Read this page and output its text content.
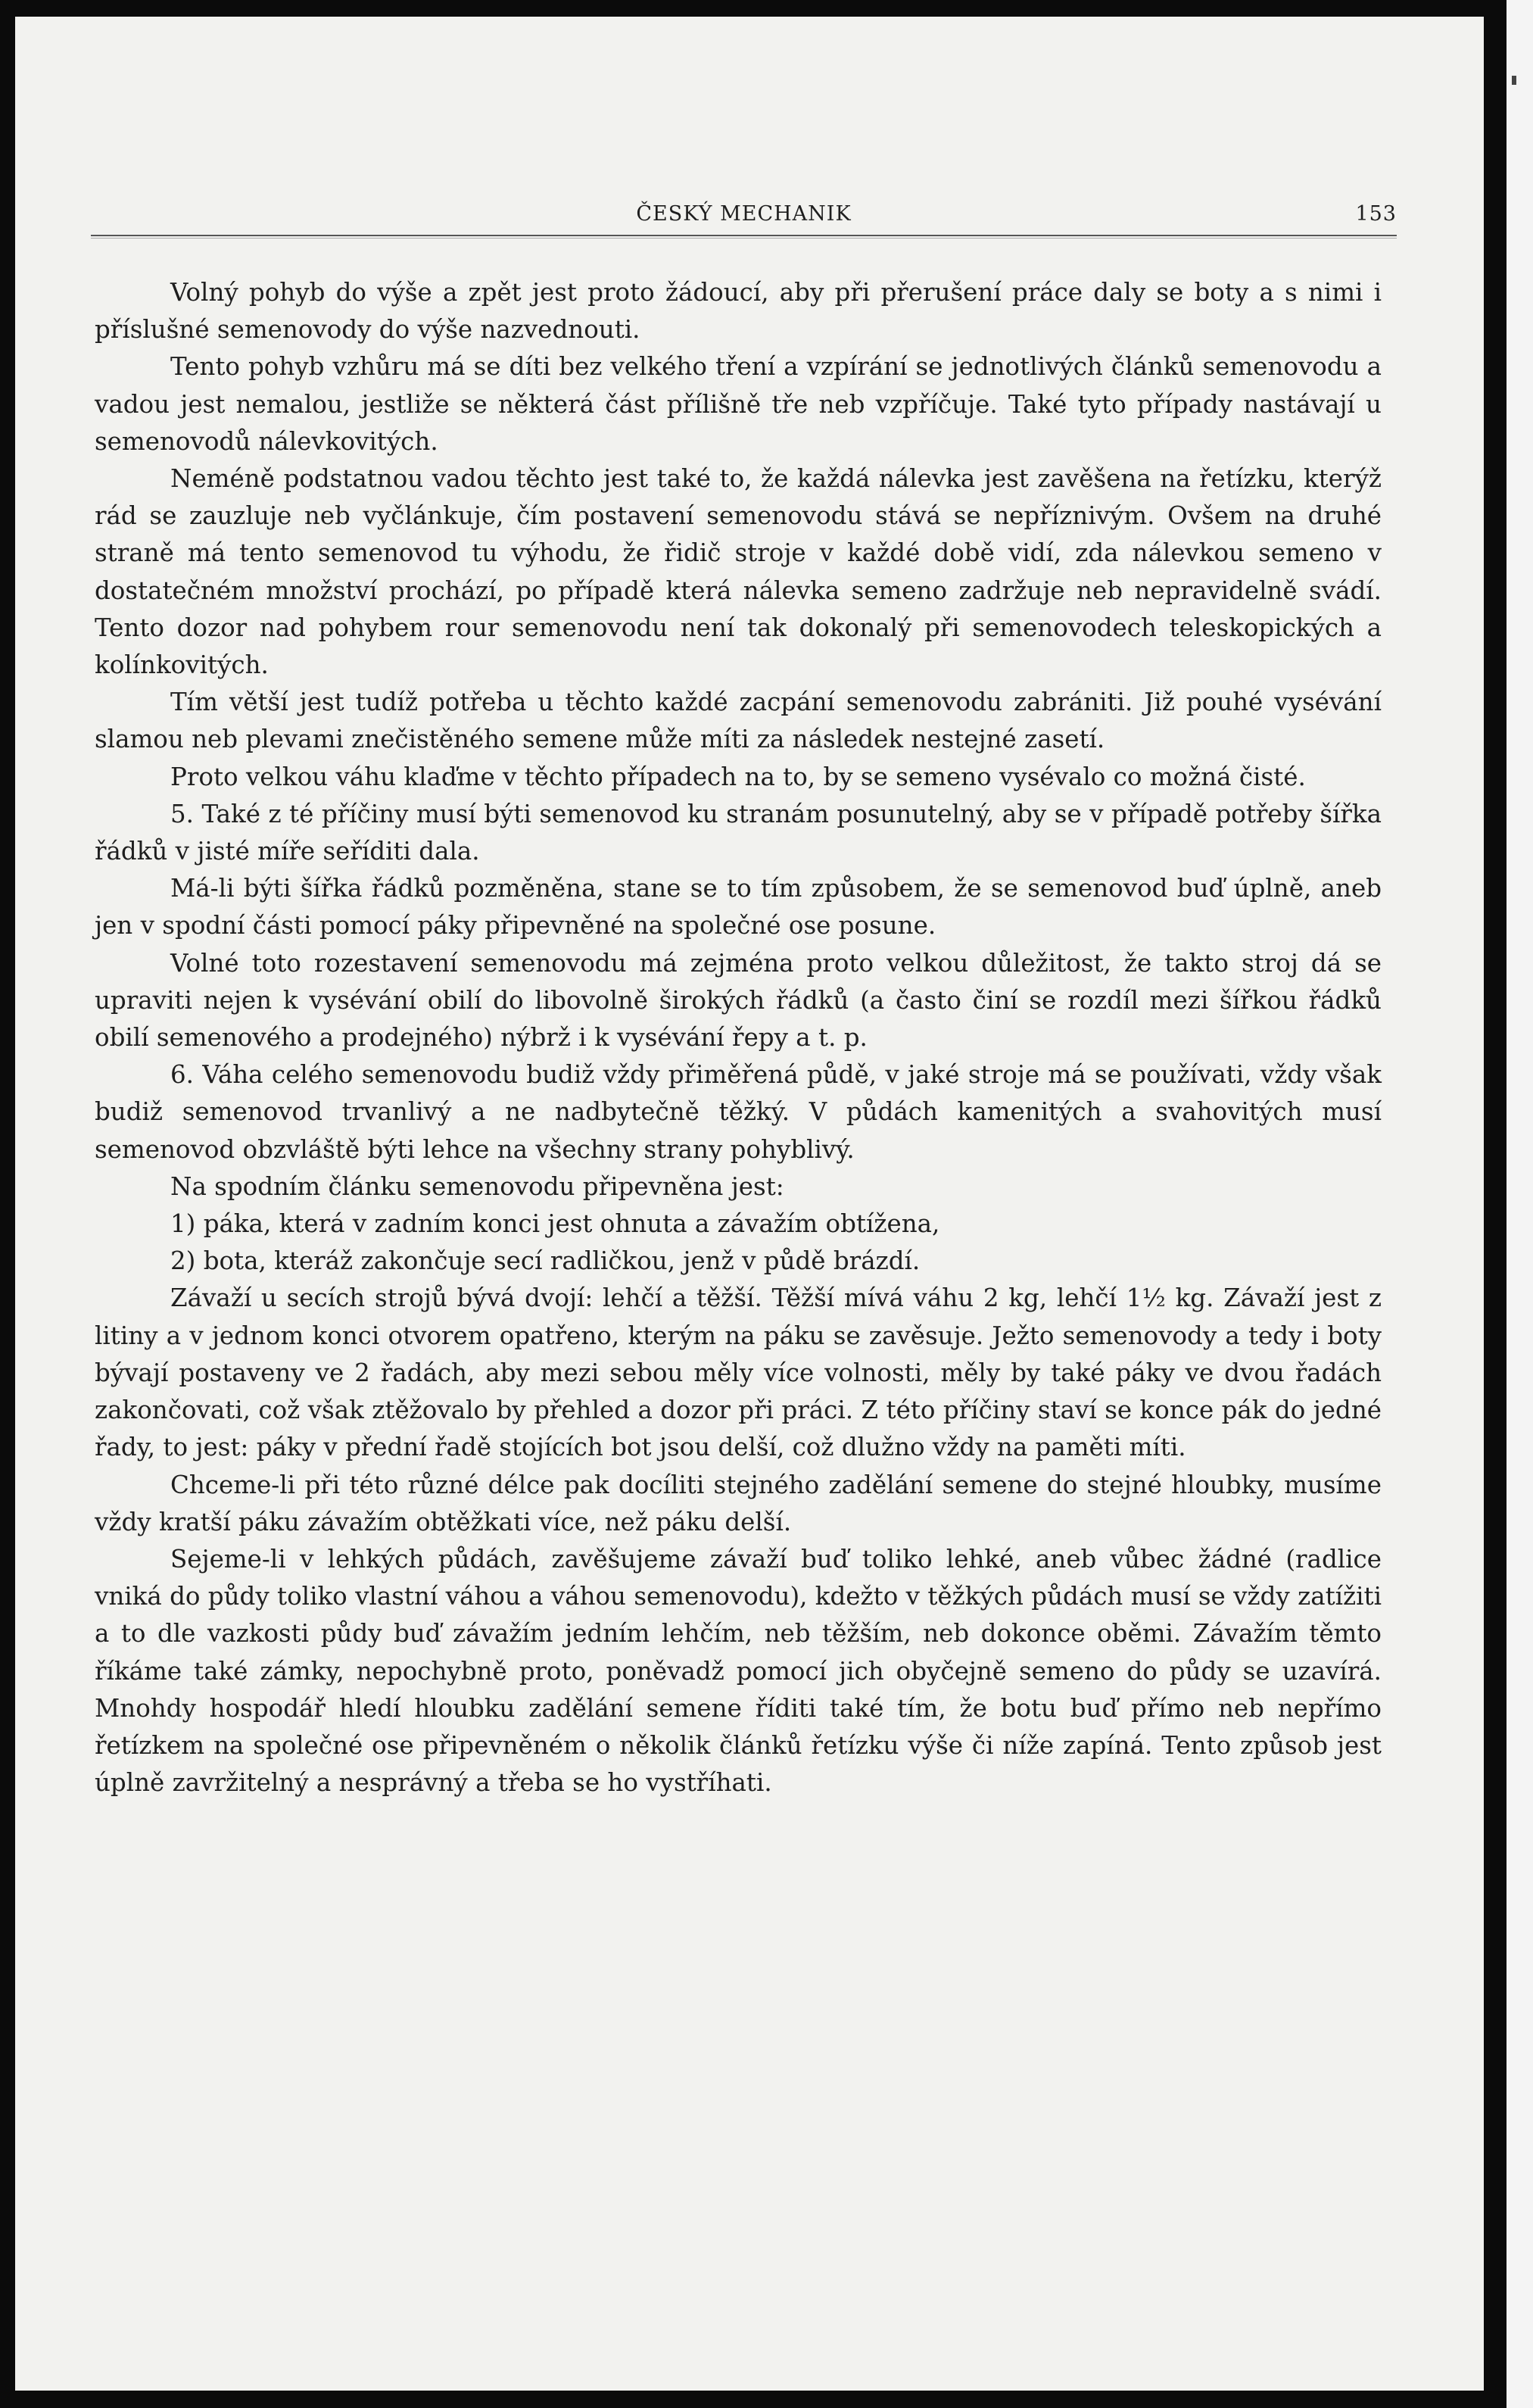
ČESKÝ MECHANIK	153

Volný pohyb do výše a zpět jest proto žádoucí, aby při přerušení práce daly se boty a s nimi i příslušné semenovody do výše nazvednouti.

Tento pohyb vzhůru má se díti bez velkého tření a vzpírání se jednotlivých článků semenovodu a vadou jest nemalou, jestliže se některá část přílišně tře neb vzpříčuje. Také tyto případy nastávají u semenovodů nálevkovitých.

Neméně podstatnou vadou těchto jest také to, že každá nálevka jest zavěšena na řetízku, kterýž rád se zauzluje neb vyčlánkuje, čím postavení semenovodu stává se nepříznivým. Ovšem na druhé straně má tento semenovod tu výhodu, že řidič stroje v každé době vidí, zda nálevkou semeno v dostatečném množství prochází, po případě která nálevka semeno zadržuje neb nepravidelně svádí. Tento dozor nad pohybem rour semenovodu není tak dokonalý při semenovodech teleskopických a kolínkovitých.

Tím větší jest tudíž potřeba u těchto každé zacpání semenovodu zabrániti. Již pouhé vysévání slamou neb plevami znečistěného semene může míti za následek nestejné zasetí.

Proto velkou váhu klaďme v těchto případech na to, by se semeno vysévalo co možná čisté.

5. Také z té příčiny musí býti semenovod ku stranám posunutelný, aby se v případě potřeby šířka řádků v jisté míře seříditi dala.

Má-li býti šířka řádků pozměněna, stane se to tím způsobem, že se semenovod buď úplně, aneb jen v spodní části pomocí páky připevněné na společné ose posune.

Volné toto rozestavení semenovodu má zejména proto velkou důležitost, že takto stroj dá se upraviti nejen k vysévání obilí do libovolně širokých řádků (a často činí se rozdíl mezi šířkou řádků obilí semenového a prodejného) nýbrž i k vysévání řepy a t. p.

6. Váha celého semenovodu budiž vždy přiměřená půdě, v jaké stroje má se používati, vždy však budiž semenovod trvanlivý a ne nadbytečně těžký. V půdách kamenitých a svahovitých musí semenovod obzvláště býti lehce na všechny strany pohyblivý.

Na spodním článku semenovodu připevněna jest:

1) páka, která v zadním konci jest ohnuta a závažím obtížena,

2) bota, kteráž zakončuje secí radličkou, jenž v půdě brázdí.

Závaží u secích strojů bývá dvojí: lehčí a těžší. Těžší mívá váhu 2 kg, lehčí 1½ kg. Závaží jest z litiny a v jednom konci otvorem opatřeno, kterým na páku se zavěsuje. Ježto semenovody a tedy i boty bývají postaveny ve 2 řadách, aby mezi sebou měly více volnosti, měly by také páky ve dvou řadách zakončovati, což však ztěžovalo by přehled a dozor při práci. Z této příčiny staví se konce pák do jedné řady, to jest: páky v přední řadě stojících bot jsou delší, což dlužno vždy na paměti míti.

Chceme-li při této různé délce pak docíliti stejného zadělání semene do stejné hloubky, musíme vždy kratší páku závažím obtěžkati více, než páku delší.

Sejeme-li v lehkých půdách, zavěšujeme závaží buď toliko lehké, aneb vůbec žádné (radlice vniká do půdy toliko vlastní váhou a váhou semenovodu), kdežto v těžkých půdách musí se vždy zatížiti a to dle vazkosti půdy buď závažím jedním lehčím, neb těžším, neb dokonce oběmi. Závažím těmto říkáme také zámky, nepochybně proto, poněvadž pomocí jich obyčejně semeno do půdy se uzavírá. Mnohdy hospodář hledí hloubku zadělání semene říditi také tím, že botu buď přímo neb nepřímo řetízkem na společné ose připevněném o několik článků řetízku výše či níže zapíná. Tento způsob jest úplně zavržitelný a nesprávný a třeba se ho vystříhati.
